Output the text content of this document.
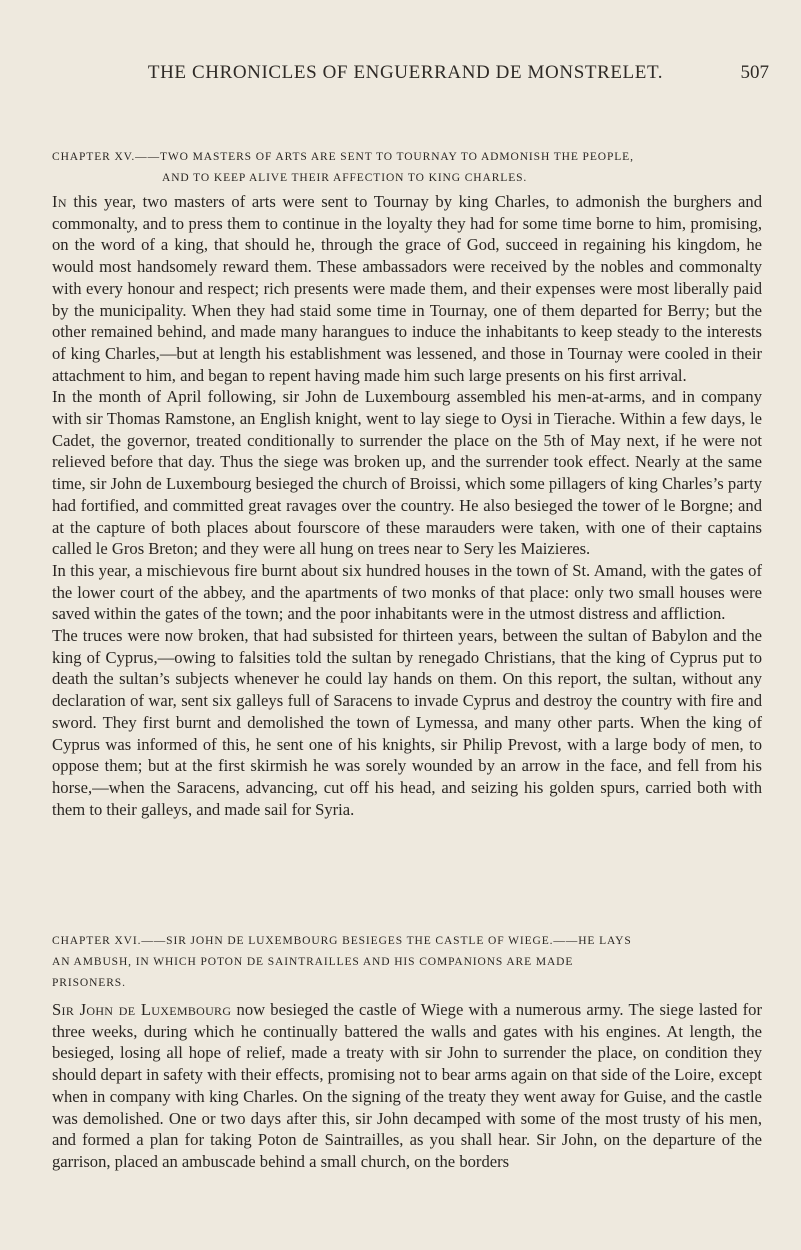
THE CHRONICLES OF ENGUERRAND DE MONSTRELET.	507
CHAPTER XV.——TWO MASTERS OF ARTS ARE SENT TO TOURNAY TO ADMONISH THE PEOPLE,
AND TO KEEP ALIVE THEIR AFFECTION TO KING CHARLES.

In this year, two masters of arts were sent to Tournay by king Charles, to admonish the burghers and commonalty, and to press them to continue in the loyalty they had for some time borne to him, promising, on the word of a king, that should he, through the grace of God, succeed in regaining his kingdom, he would most handsomely reward them. These ambassadors were received by the nobles and commonalty with every honour and respect; rich presents were made them, and their expenses were most liberally paid by the municipality. When they had staid some time in Tournay, one of them departed for Berry; but the other remained behind, and made many harangues to induce the inhabitants to keep steady to the interests of king Charles,—but at length his establishment was lessened, and those in Tournay were cooled in their attachment to him, and began to repent having made him such large presents on his first arrival.

In the month of April following, sir John de Luxembourg assembled his men-at-arms, and in company with sir Thomas Ramstone, an English knight, went to lay siege to Oysi in Tierache. Within a few days, le Cadet, the governor, treated conditionally to surrender the place on the 5th of May next, if he were not relieved before that day. Thus the siege was broken up, and the surrender took effect. Nearly at the same time, sir John de Luxembourg besieged the church of Broissi, which some pillagers of king Charles’s party had fortified, and committed great ravages over the country. He also besieged the tower of le Borgne; and at the capture of both places about fourscore of these marauders were taken, with one of their captains called le Gros Breton; and they were all hung on trees near to Sery les Maizieres.

In this year, a mischievous fire burnt about six hundred houses in the town of St. Amand, with the gates of the lower court of the abbey, and the apartments of two monks of that place: only two small houses were saved within the gates of the town; and the poor inhabitants were in the utmost distress and affliction.

The truces were now broken, that had subsisted for thirteen years, between the sultan of Babylon and the king of Cyprus,—owing to falsities told the sultan by renegado Christians, that the king of Cyprus put to death the sultan’s subjects whenever he could lay hands on them. On this report, the sultan, without any declaration of war, sent six galleys full of Saracens to invade Cyprus and destroy the country with fire and sword. They first burnt and demolished the town of Lymessa, and many other parts. When the king of Cyprus was informed of this, he sent one of his knights, sir Philip Prevost, with a large body of men, to oppose them; but at the first skirmish he was sorely wounded by an arrow in the face, and fell from his horse,—when the Saracens, advancing, cut off his head, and seizing his golden spurs, carried both with them to their galleys, and made sail for Syria.

CHAPTER XVI.——SIR JOHN DE LUXEMBOURG BESIEGES THE CASTLE OF WIEGE.——HE LAYS
AN AMBUSH, IN WHICH POTON DE SAINTRAILLES AND HIS COMPANIONS ARE MADE
PRISONERS.

Sir John de Luxembourg now besieged the castle of Wiege with a numerous army. The siege lasted for three weeks, during which he continually battered the walls and gates with his engines. At length, the besieged, losing all hope of relief, made a treaty with sir John to surrender the place, on condition they should depart in safety with their effects, promising not to bear arms again on that side of the Loire, except when in company with king Charles. On the signing of the treaty they went away for Guise, and the castle was demolished. One or two days after this, sir John decamped with some of the most trusty of his men, and formed a plan for taking Poton de Saintrailles, as you shall hear. Sir John, on the departure of the garrison, placed an ambuscade behind a small church, on the borders
